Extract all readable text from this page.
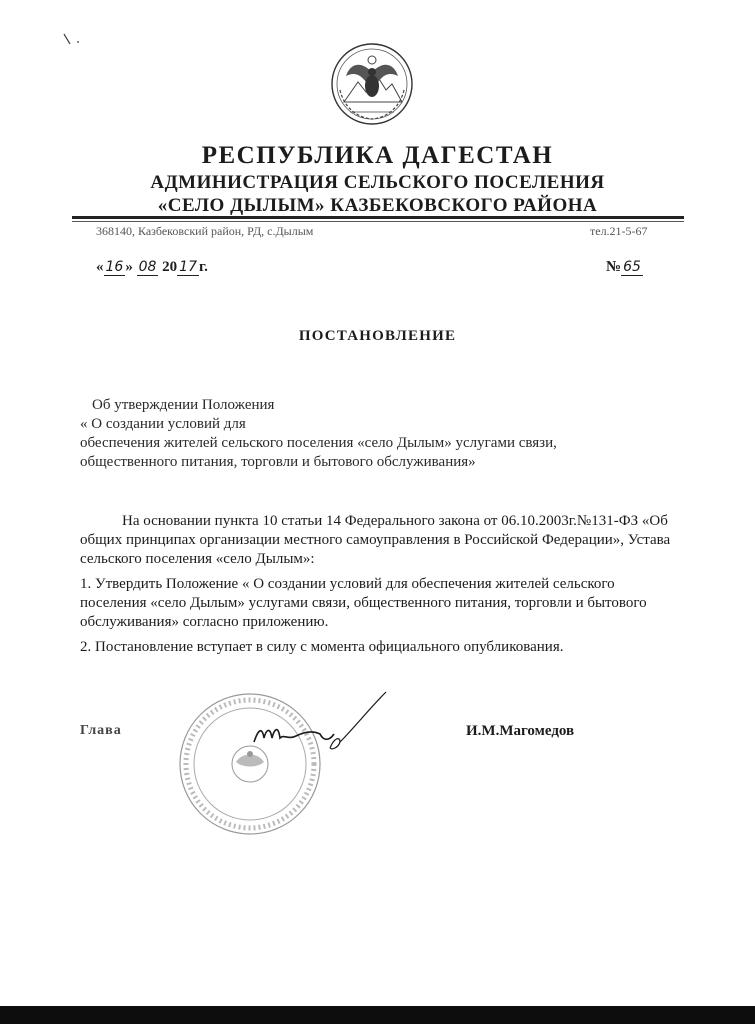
РЕСПУБЛИКА ДАГЕСТАН
АДМИНИСТРАЦИЯ СЕЛЬСКОГО ПОСЕЛЕНИЯ
«СЕЛО ДЫЛЫМ» КАЗБЕКОВСКОГО РАЙОНА
368140, Казбековский район, РД, с.Дылым	тел.21-5-67
« 16 » 08 20 17 г.	№ 65
ПОСТАНОВЛЕНИЕ
Об утверждении Положения
« О создании условий для
обеспечения жителей сельского поселения «село Дылым» услугами связи,
общественного питания, торговли и бытового обслуживания»

На основании пункта 10 статьи 14 Федерального закона от 06.10.2003г.№131-ФЗ «Об общих принципах организации местного самоуправления в Российской Федерации», Устава сельского поселения «село Дылым»:

1. Утвердить Положение « О создании условий для обеспечения жителей сельского поселения «село Дылым» услугами связи, общественного питания, торговли и бытового обслуживания» согласно приложению.

2. Постановление вступает в силу с момента официального опубликования.

Глава	И.М.Магомедов
